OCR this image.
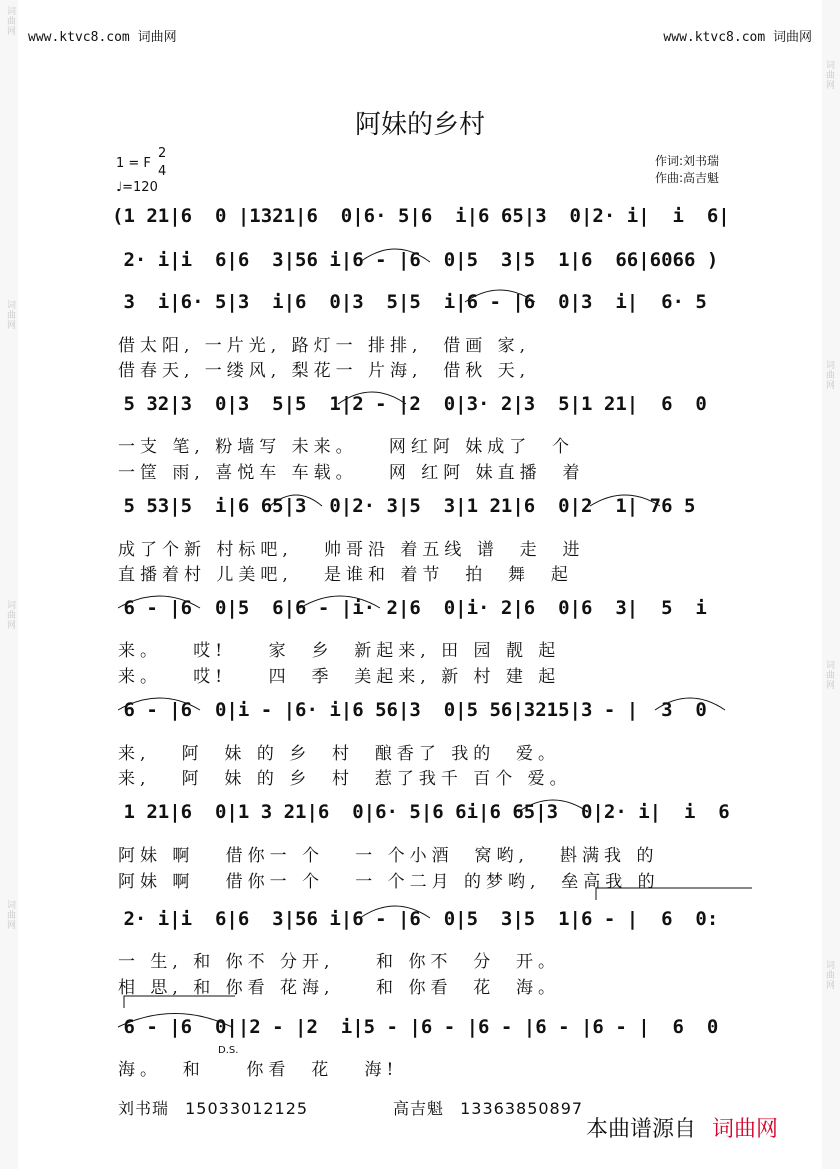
词曲网
词曲网
词曲网
词曲网
词曲网
词曲网
词曲网
词曲网
www.ktvc8.com 词曲网	www.ktvc8.com 词曲网
阿妹的乡村
1 = F
2
4
♩=120
作词:刘书瑞
作曲:高吉魁
(1 21|6  0 |1321|6  0|6· 5|6  i|6 65|3  0|2· i|  i  6|
2· i|i  6|6  3|56 i|6 - |6  0|5  3|5  1|6  66|6066 )
3  i|6· 5|3  i|6  0|3  5|5  i|6 - |6  0|3  i|  6· 5
借太阳, 一片光, 路灯一 排排,  借画 家,
借春天, 一缕风, 梨花一 片海,  借秋 天,
5 32|3  0|3  5|5  1|2 - |2  0|3· 2|3  5|1 21|  6  0
一支 笔, 粉墙写 未来。   网红阿 妹成了  个
一筐 雨, 喜悦车 车载。   网 红阿 妹直播  着
5 53|5  i|6 65|3  0|2· 3|5  3|1 21|6  0|2  1| 76 5
成了个新 村标吧,   帅哥沿 着五线 谱  走  进
直播着村 儿美吧,   是谁和 着节  拍  舞  起
6 - |6  0|5  6|6 - |i· 2|6  0|i· 2|6  0|6  3|  5  i
来。   哎!    家  乡  新起来, 田 园 靓 起
来。   哎!    四  季  美起来, 新 村 建 起
6 - |6  0|i - |6· i|6 56|3  0|5 56|3215|3 - |  3  0
来,   阿  妹 的 乡  村  酿香了 我的  爱。
来,   阿  妹 的 乡  村  惹了我千 百个 爱。
1 21|6  0|1 3 21|6  0|6· 5|6 6i|6 65|3  0|2· i|  i  6
阿妹 啊   借你一 个   一 个小酒  窝哟,   斟满我 的
阿妹 啊   借你一 个   一 个二月 的梦哟,  垒高我 的
2· i|i  6|6  3|56 i|6 - |6  0|5  3|5  1|6 - |  6  0:
一 生, 和 你不 分开,    和 你不  分  开。
相 思, 和 你看 花海,    和 你看  花  海。
6 - |6  0||2 - |2  i|5 - |6 - |6 - |6 - |6 - |  6  0
D.S.
海。  和    你看  花   海!
刘书瑞 15033012125	高吉魁 13363850897
本曲谱源自 词曲网
